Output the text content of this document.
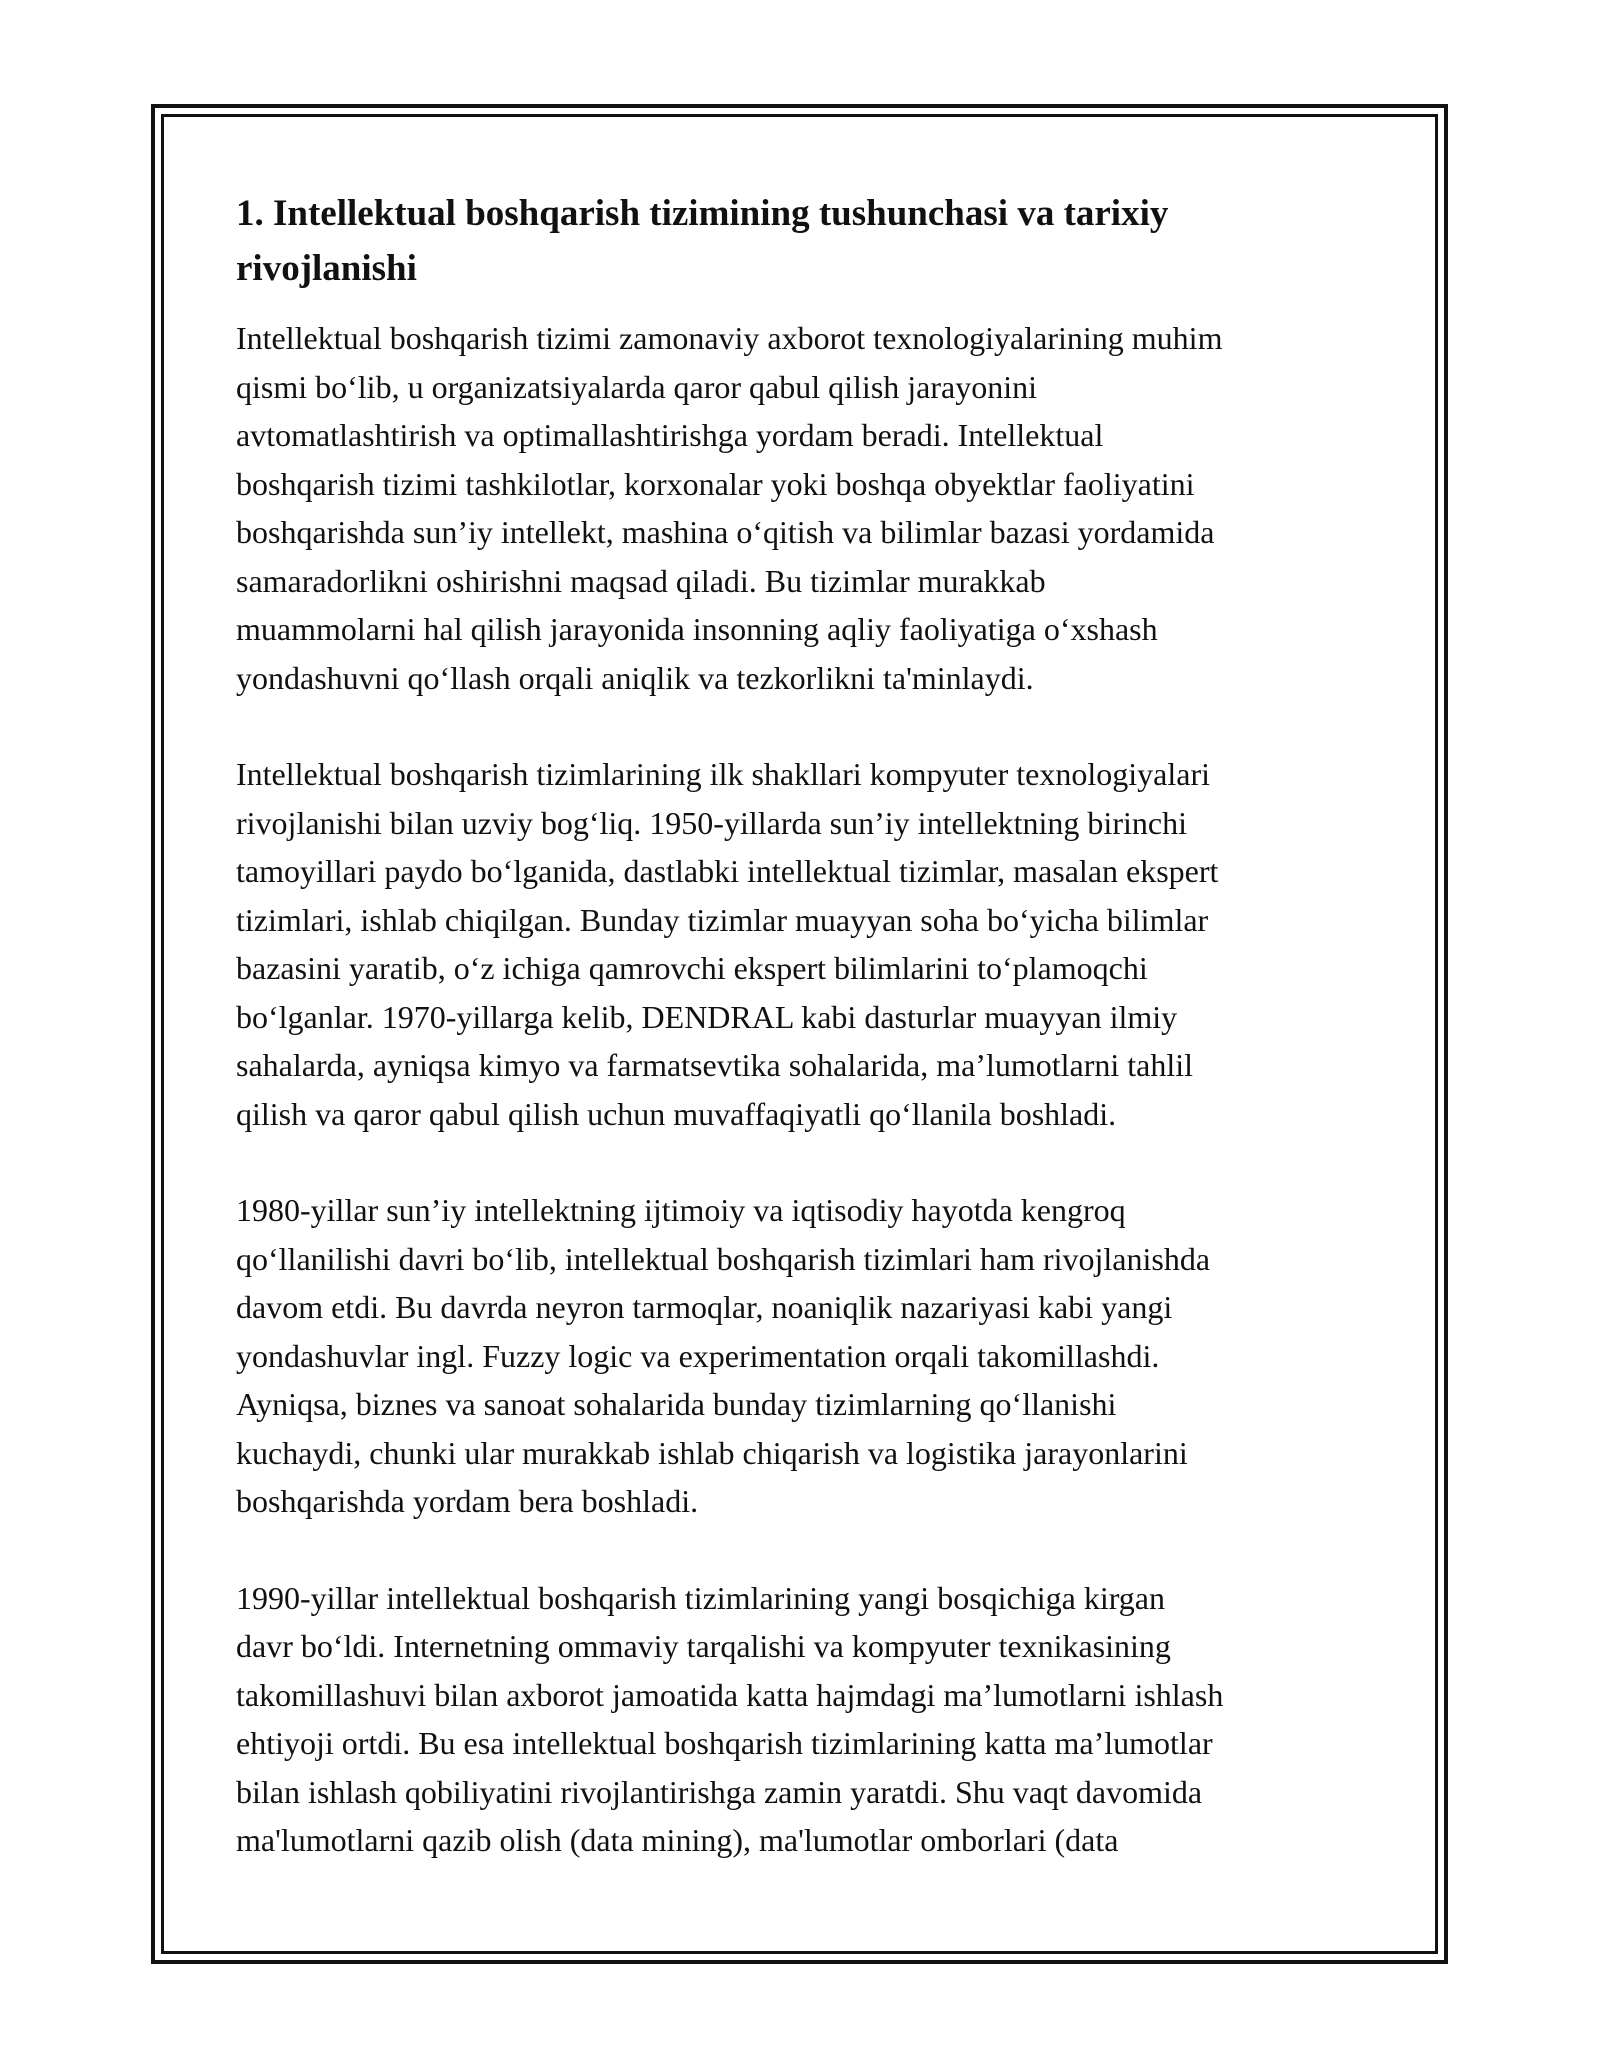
1. Intellektual boshqarish tizimining tushunchasi va tarixiy
rivojlanishi

Intellektual boshqarish tizimi zamonaviy axborot texnologiyalarining muhim
qismi bo‘lib, u organizatsiyalarda qaror qabul qilish jarayonini
avtomatlashtirish va optimallashtirishga yordam beradi. Intellektual
boshqarish tizimi tashkilotlar, korxonalar yoki boshqa obyektlar faoliyatini
boshqarishda sun’iy intellekt, mashina o‘qitish va bilimlar bazasi yordamida
samaradorlikni oshirishni maqsad qiladi. Bu tizimlar murakkab
muammolarni hal qilish jarayonida insonning aqliy faoliyatiga o‘xshash
yondashuvni qo‘llash orqali aniqlik va tezkorlikni ta'minlaydi.

Intellektual boshqarish tizimlarining ilk shakllari kompyuter texnologiyalari
rivojlanishi bilan uzviy bog‘liq. 1950-yillarda sun’iy intellektning birinchi
tamoyillari paydo bo‘lganida, dastlabki intellektual tizimlar, masalan ekspert
tizimlari, ishlab chiqilgan. Bunday tizimlar muayyan soha bo‘yicha bilimlar
bazasini yaratib, o‘z ichiga qamrovchi ekspert bilimlarini to‘plamoqchi
bo‘lganlar. 1970-yillarga kelib, DENDRAL kabi dasturlar muayyan ilmiy
sahalarda, ayniqsa kimyo va farmatsevtika sohalarida, ma’lumotlarni tahlil
qilish va qaror qabul qilish uchun muvaffaqiyatli qo‘llanila boshladi.

1980-yillar sun’iy intellektning ijtimoiy va iqtisodiy hayotda kengroq
qo‘llanilishi davri bo‘lib, intellektual boshqarish tizimlari ham rivojlanishda
davom etdi. Bu davrda neyron tarmoqlar, noaniqlik nazariyasi kabi yangi
yondashuvlar ingl. Fuzzy logic va experimentation orqali takomillashdi.
Ayniqsa, biznes va sanoat sohalarida bunday tizimlarning qo‘llanishi
kuchaydi, chunki ular murakkab ishlab chiqarish va logistika jarayonlarini
boshqarishda yordam bera boshladi.

1990-yillar intellektual boshqarish tizimlarining yangi bosqichiga kirgan
davr bo‘ldi. Internetning ommaviy tarqalishi va kompyuter texnikasining
takomillashuvi bilan axborot jamoatida katta hajmdagi ma’lumotlarni ishlash
ehtiyoji ortdi. Bu esa intellektual boshqarish tizimlarining katta ma’lumotlar
bilan ishlash qobiliyatini rivojlantirishga zamin yaratdi. Shu vaqt davomida
ma'lumotlarni qazib olish (data mining), ma'lumotlar omborlari (data
